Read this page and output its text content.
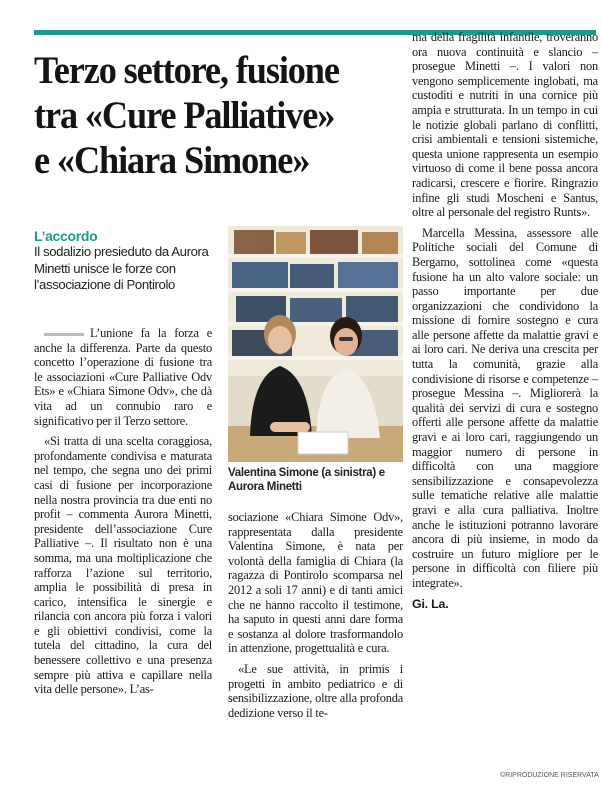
Terzo settore, fusione
tra «Cure Palliative»
e «Chiara Simone»

L’accordo

Il sodalizio presieduto da Aurora Minetti unisce le forze con l’associazione di Pontirolo

L’unione fa la forza e anche la differenza. Parte da questo concetto l’operazione di fusione tra le associazioni «Cure Palliative Odv Ets» e «Chiara Simone Odv», che dà vita ad un connubio raro e significativo per il Terzo settore.

«Si tratta di una scelta coraggiosa, profondamente condivisa e maturata nel tempo, che segna uno dei primi casi di fusione per incorporazione nella nostra provincia tra due enti no profit – commenta Aurora Minetti, presidente dell’associazione Cure Palliative –. Il risultato non è una somma, ma una moltiplicazione che rafforza l’azione sul territorio, amplia le possibilità di presa in carico, intensifica le sinergie e rilancia con ancora più forza i valori e gli obiettivi condivisi, come la tutela del cittadino, la cura del benessere collettivo e una presenza sempre più attiva e capillare nella vita delle persone». L’as-

Valentina Simone (a sinistra) e Aurora Minetti

sociazione «Chiara Simone Odv», rappresentata dalla presidente Valentina Simone, è nata per volontà della famiglia di Chiara (la ragazza di Pontirolo scomparsa nel 2012 a soli 17 anni) e di tanti amici che ne hanno raccolto il testimone, ha saputo in questi anni dare forma e sostanza al dolore trasformandolo in attenzione, progettualità e cura.

«Le sue attività, in primis i progetti in ambito pediatrico e di sensibilizzazione, oltre alla profonda dedizione verso il te-

ma della fragilità infantile, troveranno ora nuova continuità e slancio – prosegue Minetti –. I valori non vengono semplicemente inglobati, ma custoditi e nutriti in una cornice più ampia e strutturata. In un tempo in cui le notizie globali parlano di conflitti, crisi ambientali e tensioni sistemiche, questa unione rappresenta un esempio virtuoso di come il bene possa ancora radicarsi, crescere e fiorire. Ringrazio infine gli studi Moscheni e Santus, oltre al personale del registro Runts».

Marcella Messina, assessore alle Politiche sociali del Comune di Bergamo, sottolinea come «questa fusione ha un alto valore sociale: un passo importante per due organizzazioni che condividono la missione di fornire sostegno e cura alle persone affette da malattie gravi e ai loro cari. Ne deriva una crescita per tutta la comunità, grazie alla condivisione di risorse e competenze – prosegue Messina –. Migliorerà la qualità dei servizi di cura e sostegno offerti alle persone affette da malattie gravi e ai loro cari, raggiungendo un maggior numero di persone in difficoltà con una maggiore sensibilizzazione e consapevolezza sulle tematiche relative alle malattie gravi e alla cura palliativa. Inoltre anche le istituzioni potranno lavorare ancora di più insieme, in modo da costruire un futuro migliore per le persone in difficoltà con filiere più integrate».

Gi. La.

©RIPRODUZIONE RISERVATA
